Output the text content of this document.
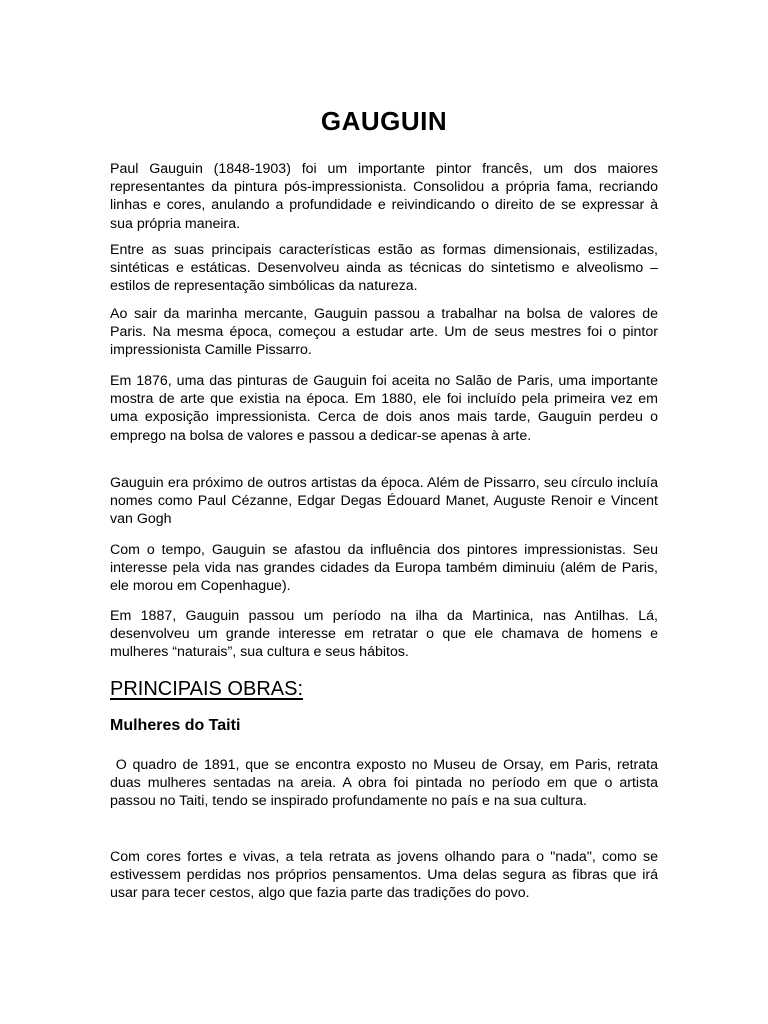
GAUGUIN

Paul Gauguin (1848-1903) foi um importante pintor francês, um dos maiores representantes da pintura pós-impressionista. Consolidou a própria fama, recriando linhas e cores, anulando a profundidade e reivindicando o direito de se expressar à sua própria maneira.

Entre as suas principais características estão as formas dimensionais, estilizadas, sintéticas e estáticas. Desenvolveu ainda as técnicas do sintetismo e alveolismo – estilos de representação simbólicas da natureza.

Ao sair da marinha mercante, Gauguin passou a trabalhar na bolsa de valores de Paris. Na mesma época, começou a estudar arte. Um de seus mestres foi o pintor impressionista Camille Pissarro.

Em 1876, uma das pinturas de Gauguin foi aceita no Salão de Paris, uma importante mostra de arte que existia na época. Em 1880, ele foi incluído pela primeira vez em uma exposição impressionista. Cerca de dois anos mais tarde, Gauguin perdeu o emprego na bolsa de valores e passou a dedicar-se apenas à arte.

Gauguin era próximo de outros artistas da época. Além de Pissarro, seu círculo incluía nomes como Paul Cézanne, Edgar Degas Édouard Manet, Auguste Renoir e Vincent van Gogh

Com o tempo, Gauguin se afastou da influência dos pintores impressionistas. Seu interesse pela vida nas grandes cidades da Europa também diminuiu (além de Paris, ele morou em Copenhague).

Em 1887, Gauguin passou um período na ilha da Martinica, nas Antilhas. Lá, desenvolveu um grande interesse em retratar o que ele chamava de homens e mulheres “naturais”, sua cultura e seus hábitos.

PRINCIPAIS OBRAS:
Mulheres do Taiti

O quadro de 1891, que se encontra exposto no Museu de Orsay, em Paris, retrata duas mulheres sentadas na areia. A obra foi pintada no período em que o artista passou no Taiti, tendo se inspirado profundamente no país e na sua cultura.

Com cores fortes e vivas, a tela retrata as jovens olhando para o "nada", como se estivessem perdidas nos próprios pensamentos. Uma delas segura as fibras que irá usar para tecer cestos, algo que fazia parte das tradições do povo.
